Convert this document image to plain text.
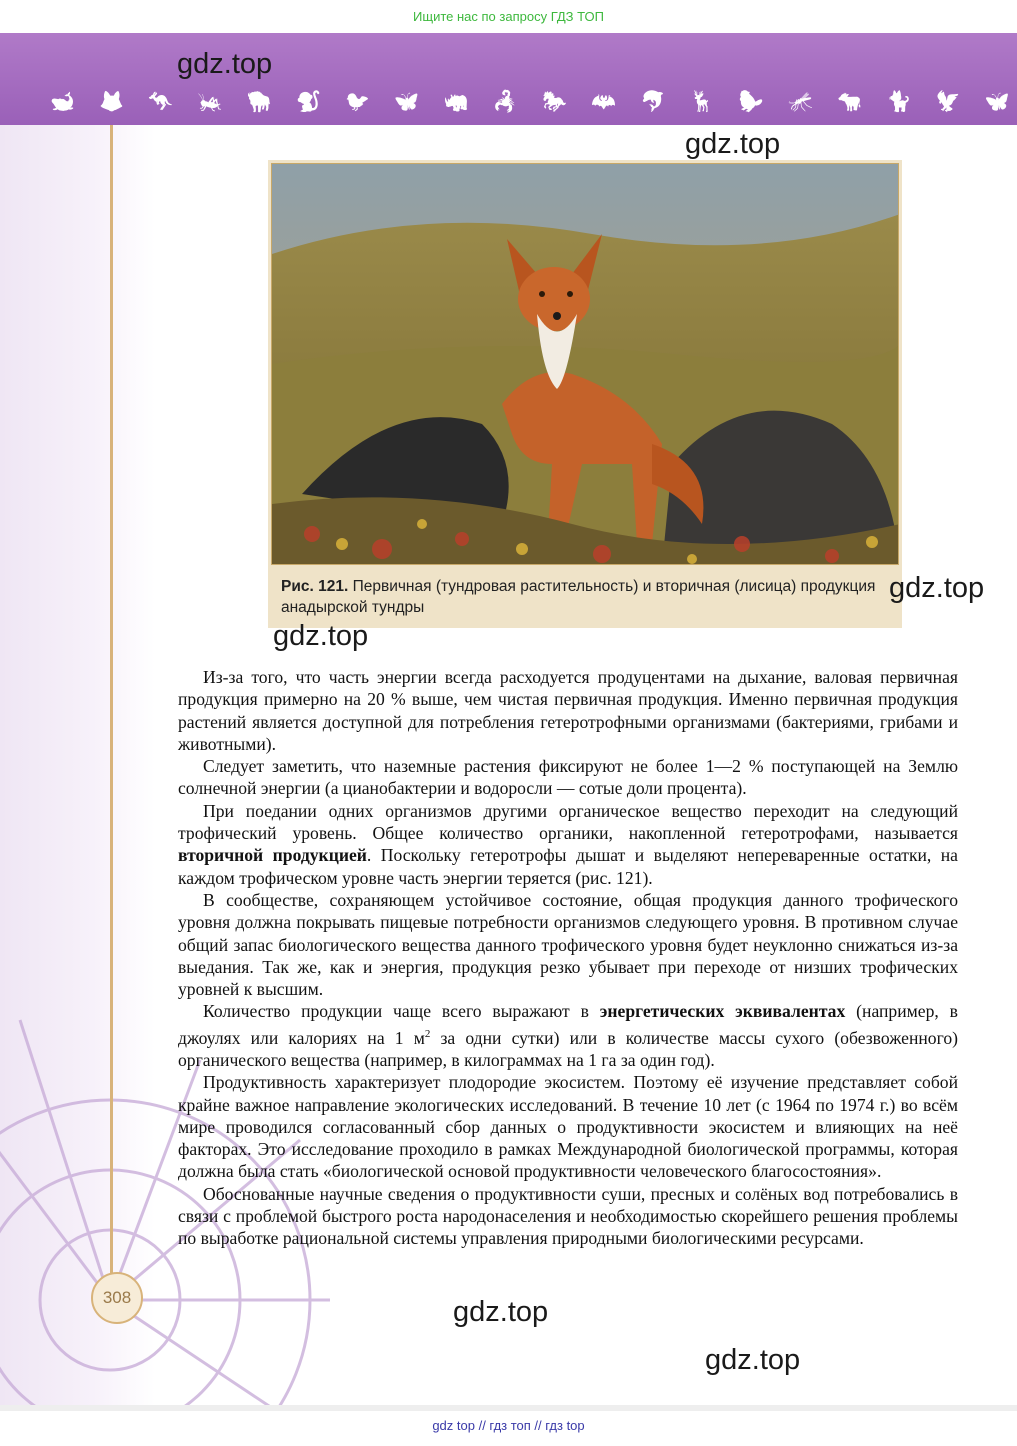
Ищите нас по запросу ГДЗ ТОП
🐋 🦊 🦘 🦗 🦬 🐒 🐦 🦋 🦏 🦂 🐎 🦇 🐬 🦌 🦫 🦟 🐄 🐈 🦅 🦋
gdz.top
gdz.top
Рис. 121. Первичная (тундровая растительность) и вторичная (лисица) продукция анадырской тундры
gdz.top
gdz.top

Из-за того, что часть энергии всегда расходуется продуцентами на дыхание, валовая первичная продукция примерно на 20 % выше, чем чистая первичная продукция. Именно первичная продукция растений является доступной для потребления гетеротрофными организмами (бактериями, грибами и животными).

Следует заметить, что наземные растения фиксируют не более 1—2 % поступающей на Землю солнечной энергии (а цианобактерии и водоросли — сотые доли процента).

При поедании одних организмов другими органическое вещество переходит на следующий трофический уровень. Общее количество органики, накопленной гетеротрофами, называется вторичной продукцией. Поскольку гетеротрофы дышат и выделяют непереваренные остатки, на каждом трофическом уровне часть энергии теряется (рис. 121).

В сообществе, сохраняющем устойчивое состояние, общая продукция данного трофического уровня должна покрывать пищевые потребности организмов следующего уровня. В противном случае общий запас биологического вещества данного трофического уровня будет неуклонно снижаться из-за выедания. Так же, как и энергия, продукция резко убывает при переходе от низших трофических уровней к высшим.

Количество продукции чаще всего выражают в энергетических эквивалентах (например, в джоулях или калориях на 1 $м^2$ за одни сутки) или в количестве массы сухого (обезвоженного) органического вещества (например, в килограммах на 1 га за один год).

Продуктивность характеризует плодородие экосистем. Поэтому её изучение представляет собой крайне важное направление экологических исследований. В течение 10 лет (с 1964 по 1974 г.) во всём мире проводился согласованный сбор данных о продуктивности экосистем и влияющих на неё факторах. Это исследование проходило в рамках Международной биологической программы, которая должна была стать «биологической основой продуктивности человеческого благосостояния».

Обоснованные научные сведения о продуктивности суши, пресных и солёных вод потребовались в связи с проблемой быстрого роста народонаселения и необходимостью скорейшего решения проблемы по выработке рациональной системы управления природными биологическими ресурсами.

308	gdz.top
gdz.top
gdz top // гдз топ // гдз top
